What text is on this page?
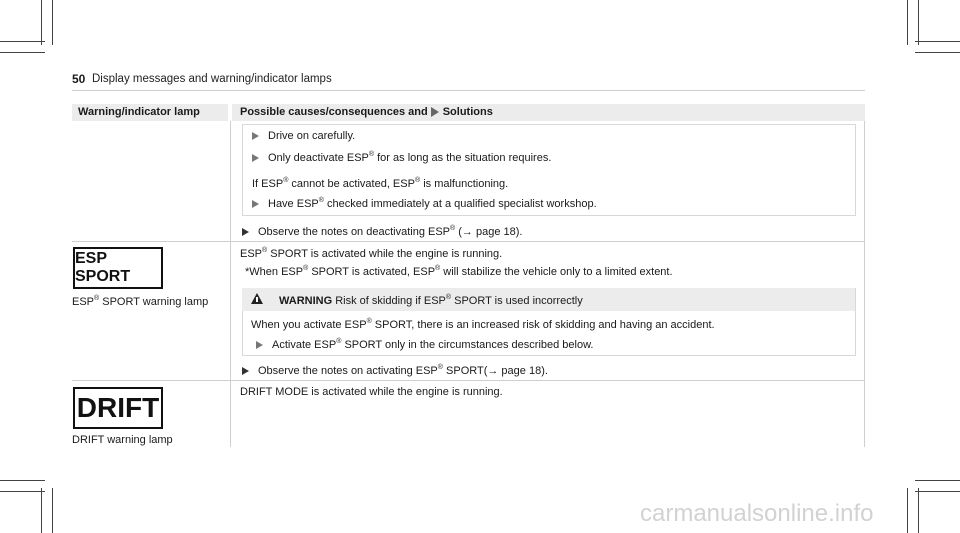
50 Display messages and warning/indicator lamps
Warning/indicator lamp	Possible causes/consequences and Solutions
Drive on carefully.
Only deactivate ESP® for as long as the situation requires.
If ESP® cannot be activated, ESP® is malfunctioning.
Have ESP® checked immediately at a qualified specialist workshop.
Observe the notes on deactivating ESP® (→ page 18).
ESP SPORT
ESP® SPORT warning lamp
ESP® SPORT is activated while the engine is running.
*When ESP® SPORT is activated, ESP® will stabilize the vehicle only to a limited extent.
WARNING Risk of skidding if ESP® SPORT is used incorrectly
When you activate ESP® SPORT, there is an increased risk of skidding and having an accident.
Activate ESP® SPORT only in the circumstances described below.
Observe the notes on activating ESP® SPORT(→ page 18).
DRIFT
DRIFT warning lamp
DRIFT MODE is activated while the engine is running.
carmanualsonline.info
